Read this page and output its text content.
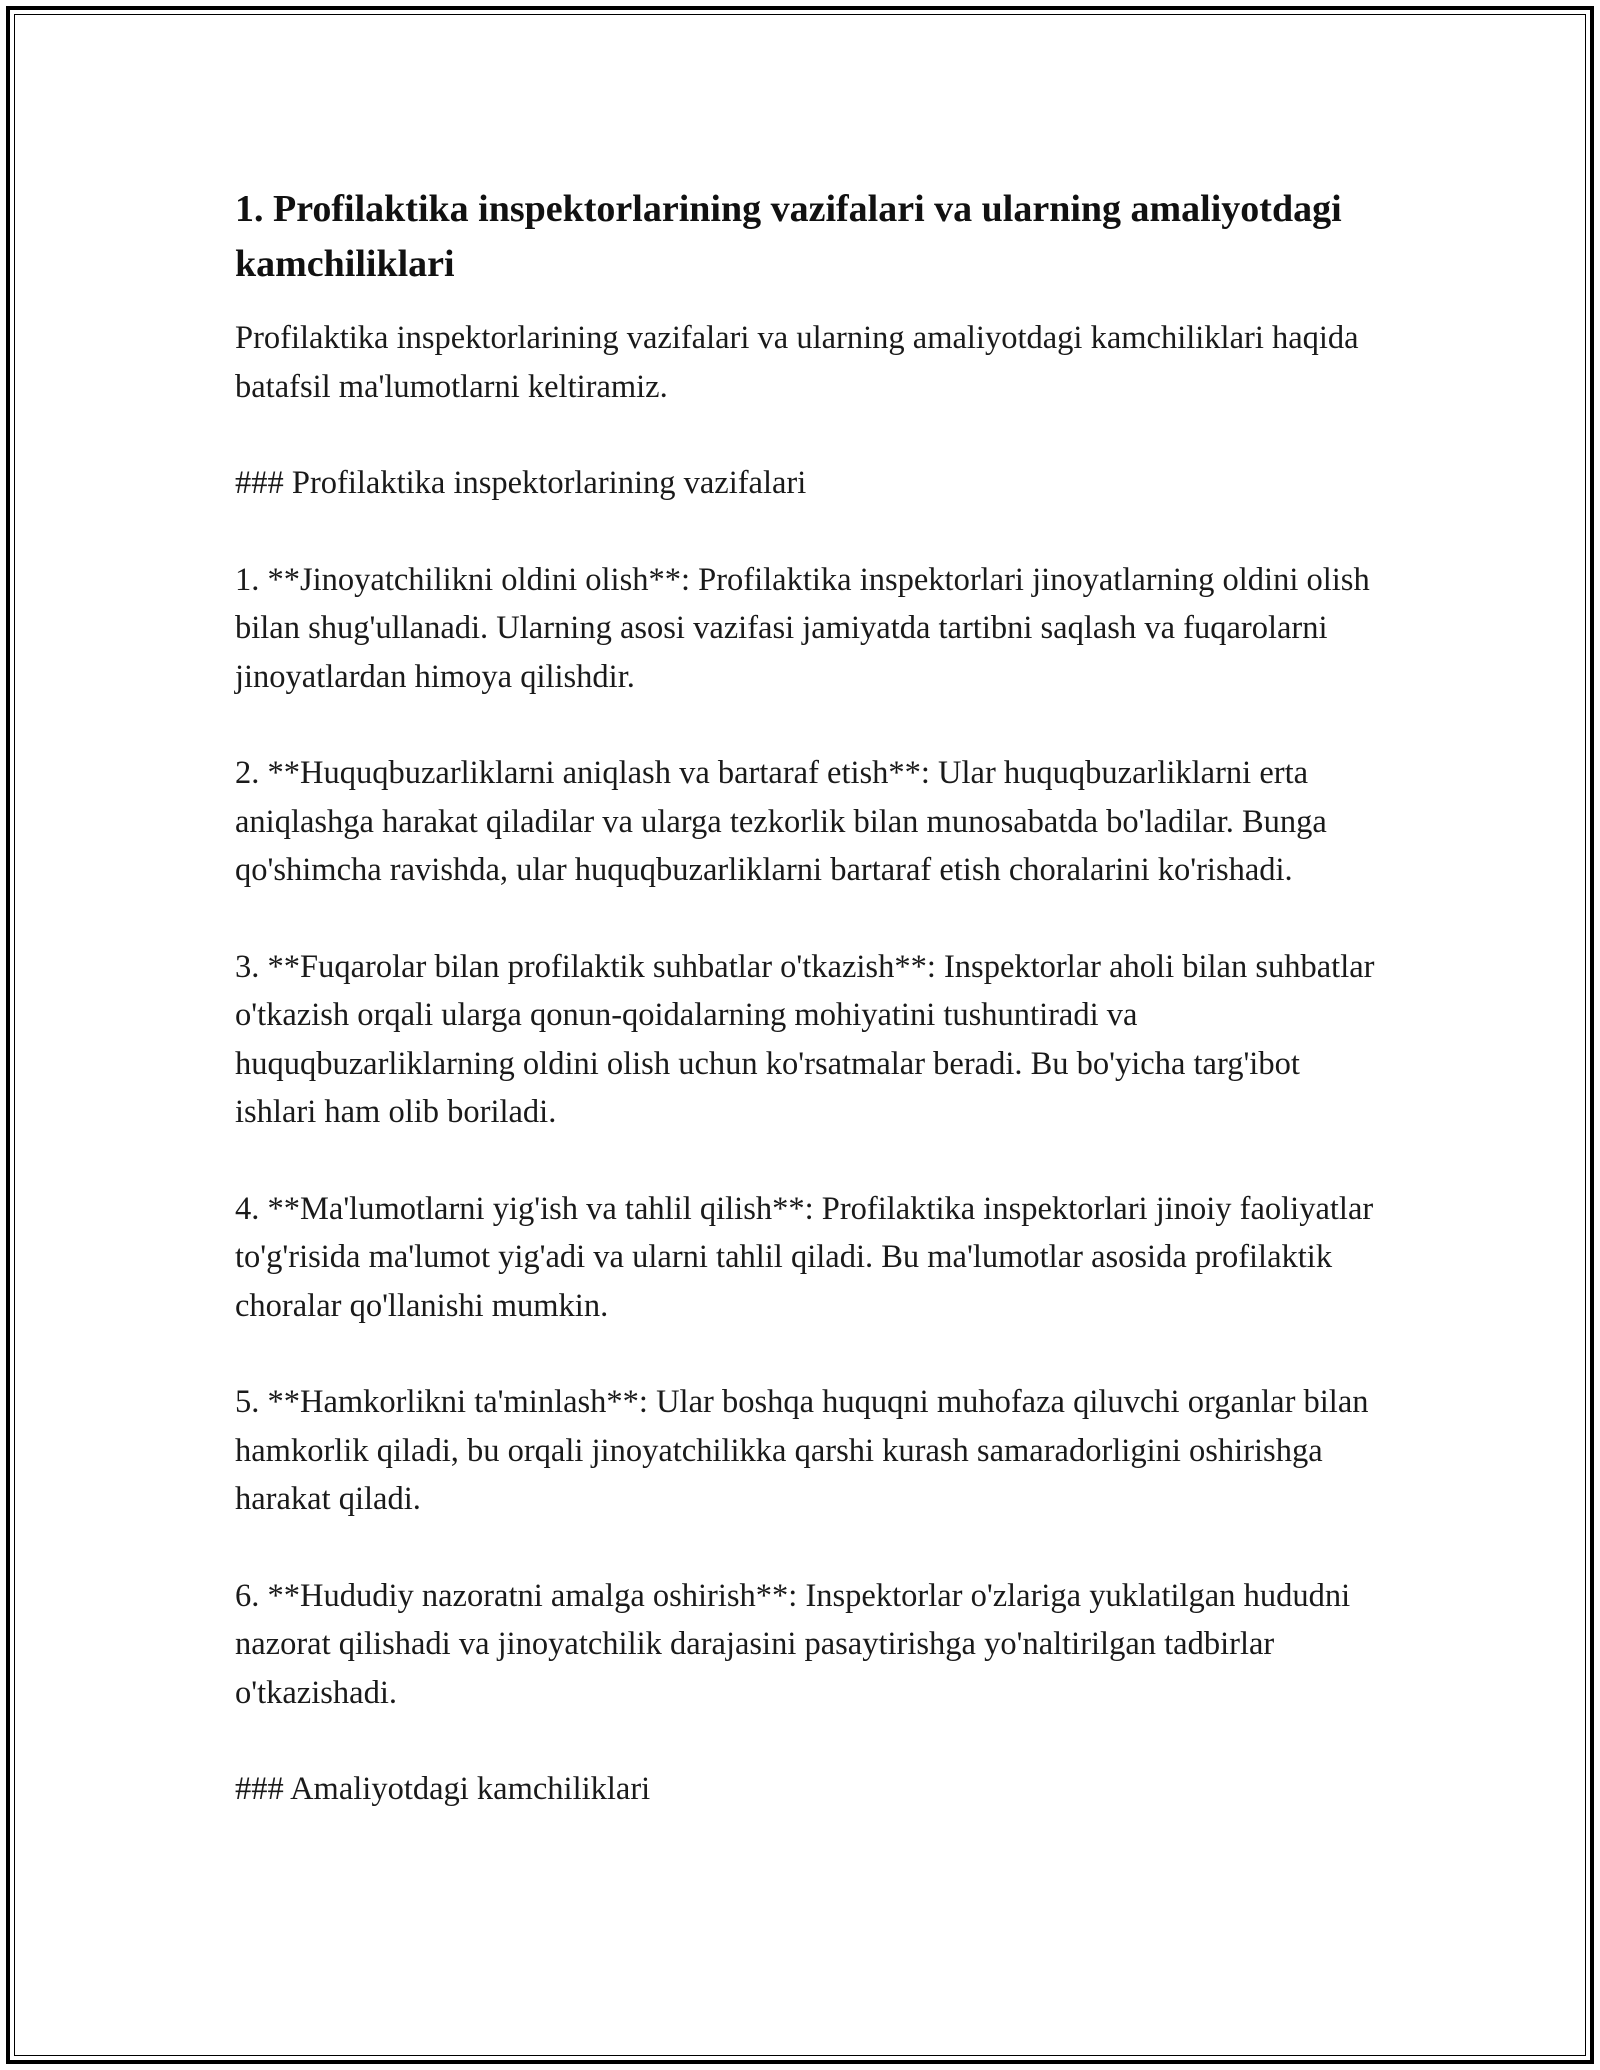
1. Profilaktika inspektorlarining vazifalari va ularning amaliyotdagi kamchiliklari

Profilaktika inspektorlarining vazifalari va ularning amaliyotdagi kamchiliklari haqida batafsil ma'lumotlarni keltiramiz.

### Profilaktika inspektorlarining vazifalari

1. **Jinoyatchilikni oldini olish**: Profilaktika inspektorlari jinoyatlarning oldini olish bilan shug'ullanadi. Ularning asosi vazifasi jamiyatda tartibni saqlash va fuqarolarni jinoyatlardan himoya qilishdir.

2. **Huquqbuzarliklarni aniqlash va bartaraf etish**: Ular huquqbuzarliklarni erta aniqlashga harakat qiladilar va ularga tezkorlik bilan munosabatda bo'ladilar. Bunga qo'shimcha ravishda, ular huquqbuzarliklarni bartaraf etish choralarini ko'rishadi.

3. **Fuqarolar bilan profilaktik suhbatlar o'tkazish**: Inspektorlar aholi bilan suhbatlar o'tkazish orqali ularga qonun-qoidalarning mohiyatini tushuntiradi va huquqbuzarliklarning oldini olish uchun ko'rsatmalar beradi. Bu bo'yicha targ'ibot ishlari ham olib boriladi.

4. **Ma'lumotlarni yig'ish va tahlil qilish**: Profilaktika inspektorlari jinoiy faoliyatlar to'g'risida ma'lumot yig'adi va ularni tahlil qiladi. Bu ma'lumotlar asosida profilaktik choralar qo'llanishi mumkin.

5. **Hamkorlikni ta'minlash**: Ular boshqa huquqni muhofaza qiluvchi organlar bilan hamkorlik qiladi, bu orqali jinoyatchilikka qarshi kurash samaradorligini oshirishga harakat qiladi.

6. **Hududiy nazoratni amalga oshirish**: Inspektorlar o'zlariga yuklatilgan hududni nazorat qilishadi va jinoyatchilik darajasini pasaytirishga yo'naltirilgan tadbirlar o'tkazishadi.

### Amaliyotdagi kamchiliklari
